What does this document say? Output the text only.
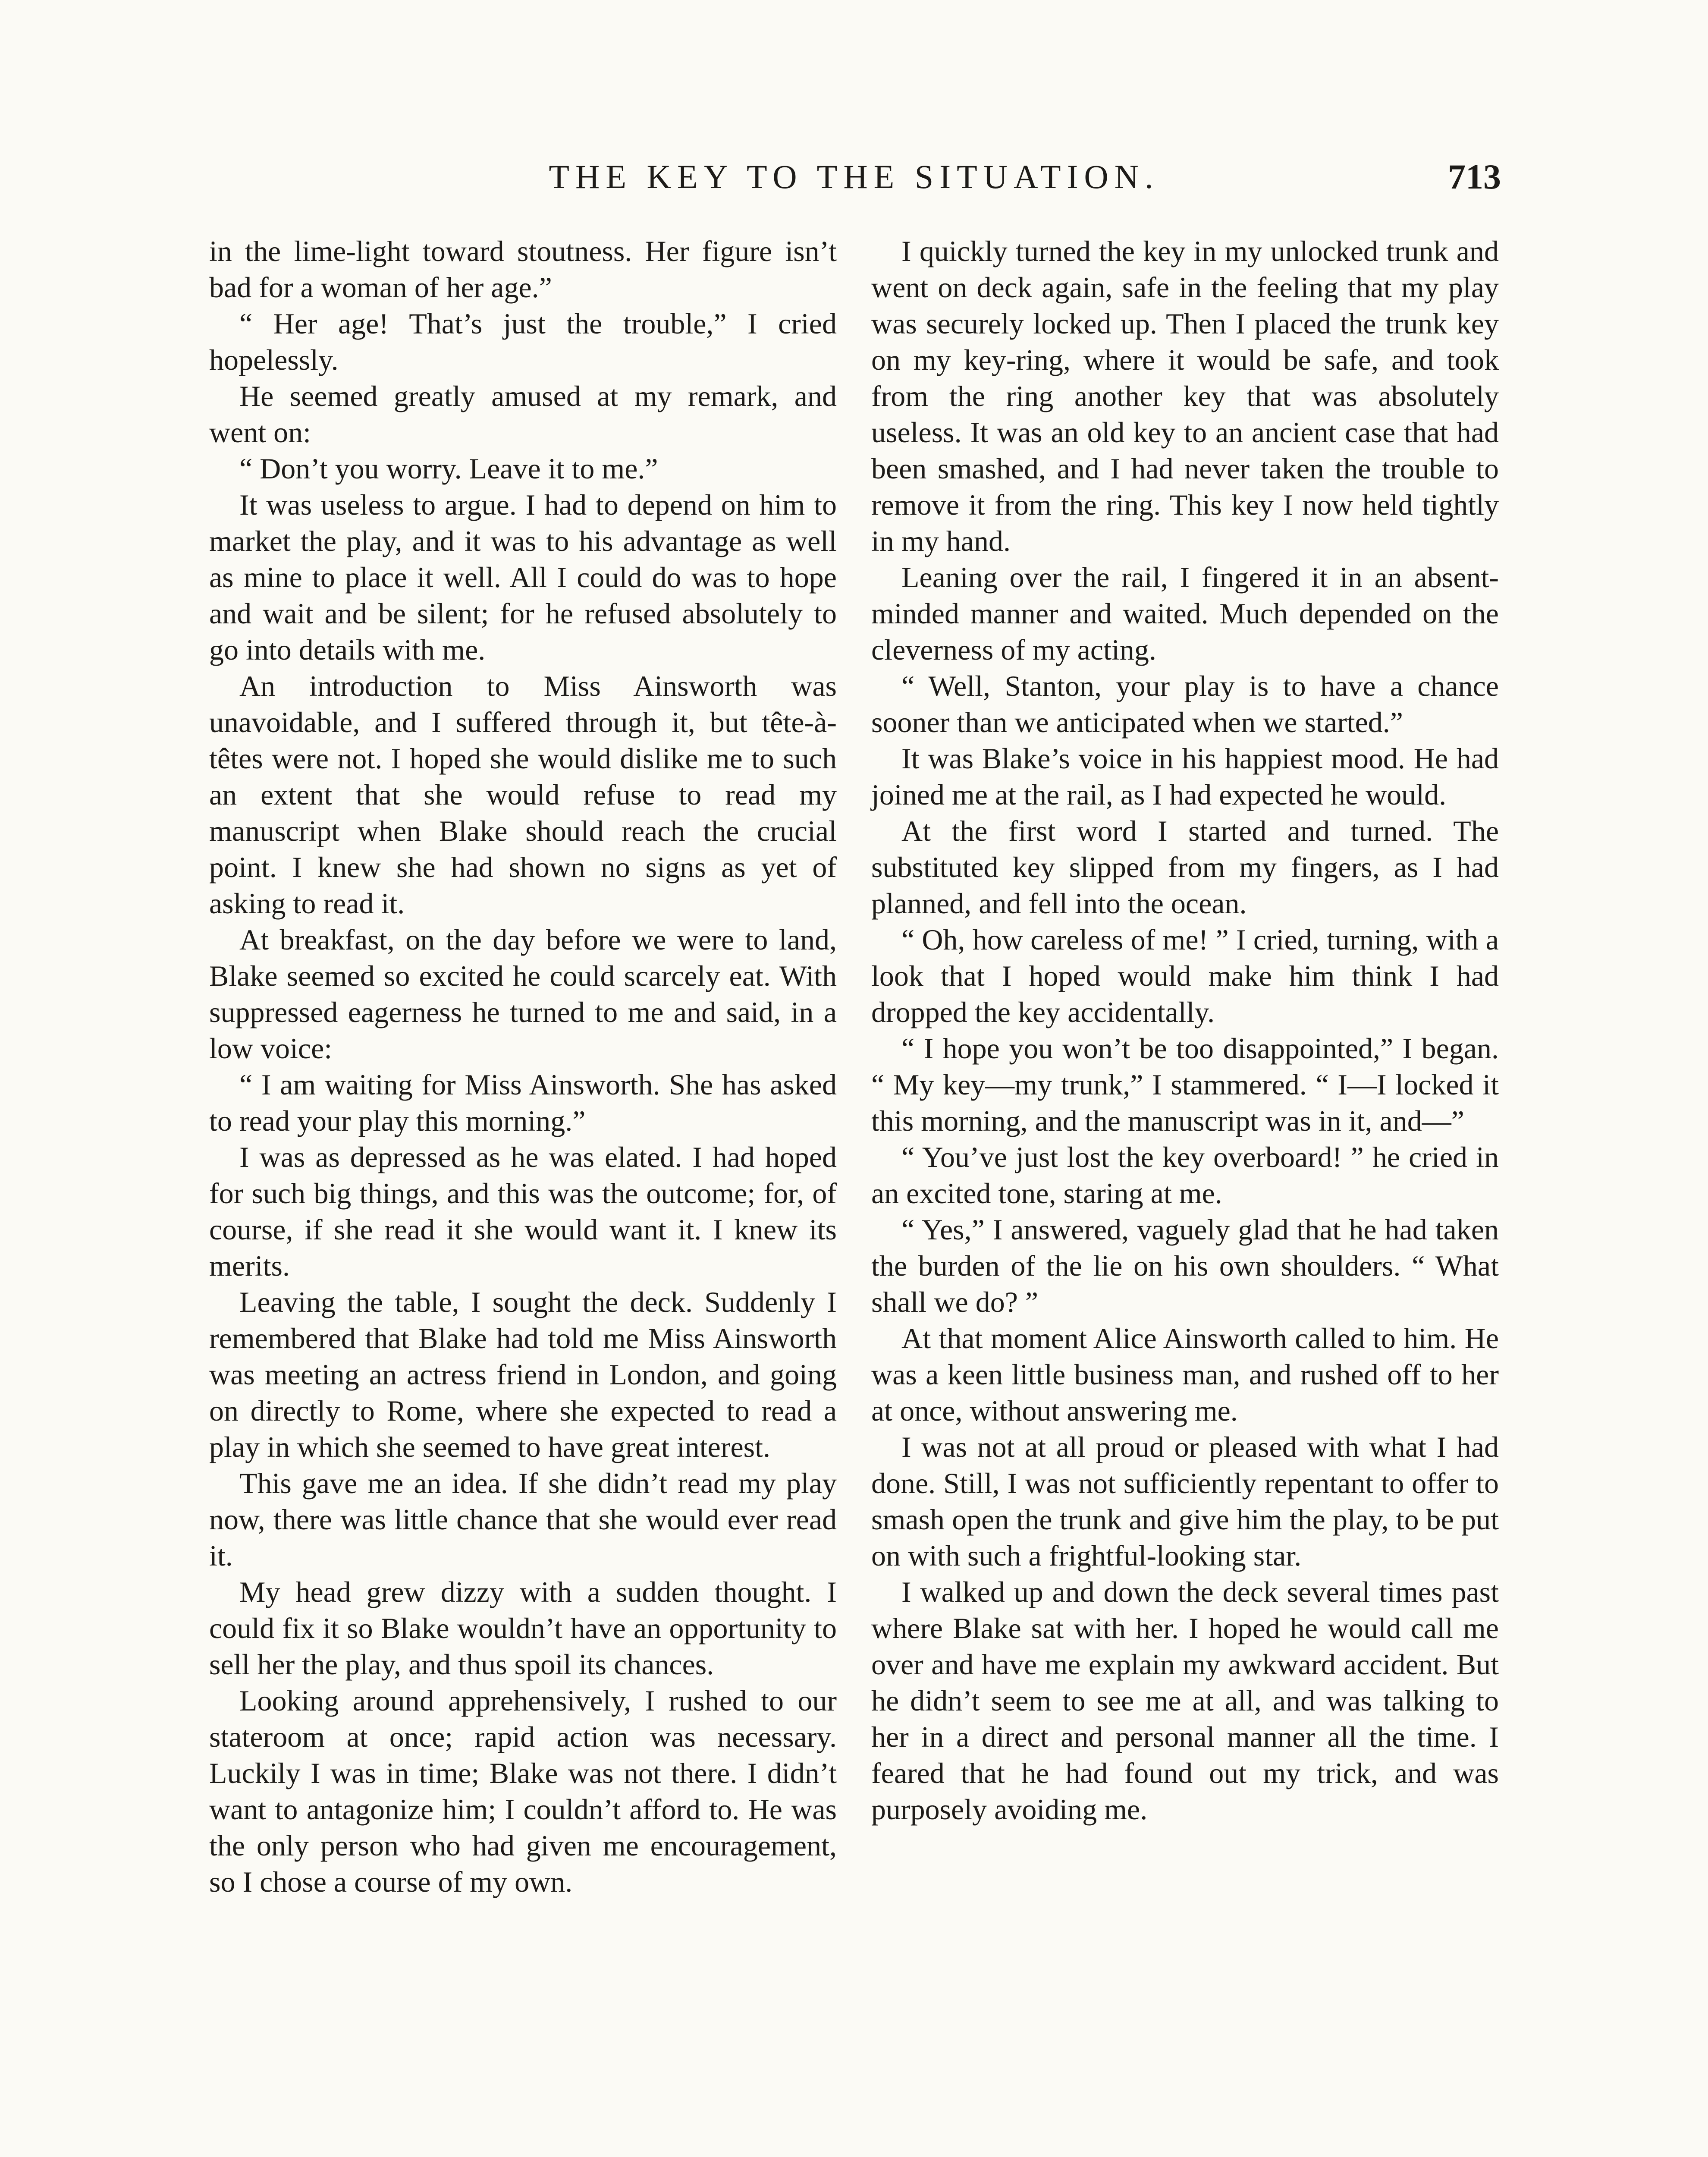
THE KEY TO THE SITUATION.	713

in the lime-light toward stoutness. Her figure isn’t bad for a woman of her age.”

“ Her age! That’s just the trouble,” I cried hopelessly.

He seemed greatly amused at my remark, and went on:

“ Don’t you worry. Leave it to me.”

It was useless to argue. I had to depend on him to market the play, and it was to his advantage as well as mine to place it well. All I could do was to hope and wait and be silent; for he refused absolutely to go into details with me.

An introduction to Miss Ainsworth was unavoidable, and I suffered through it, but tête-à-têtes were not. I hoped she would dislike me to such an extent that she would refuse to read my manuscript when Blake should reach the crucial point. I knew she had shown no signs as yet of asking to read it.

At breakfast, on the day before we were to land, Blake seemed so excited he could scarcely eat. With suppressed eagerness he turned to me and said, in a low voice:

“ I am waiting for Miss Ainsworth. She has asked to read your play this morning.”

I was as depressed as he was elated. I had hoped for such big things, and this was the outcome; for, of course, if she read it she would want it. I knew its merits.

Leaving the table, I sought the deck. Suddenly I remembered that Blake had told me Miss Ainsworth was meeting an actress friend in London, and going on directly to Rome, where she expected to read a play in which she seemed to have great interest.

This gave me an idea. If she didn’t read my play now, there was little chance that she would ever read it.

My head grew dizzy with a sudden thought. I could fix it so Blake wouldn’t have an opportunity to sell her the play, and thus spoil its chances.

Looking around apprehensively, I rushed to our stateroom at once; rapid action was necessary. Luckily I was in time; Blake was not there. I didn’t want to antagonize him; I couldn’t afford to. He was the only person who had given me encouragement, so I chose a course of my own.

I quickly turned the key in my unlocked trunk and went on deck again, safe in the feeling that my play was securely locked up. Then I placed the trunk key on my key-ring, where it would be safe, and took from the ring another key that was absolutely useless. It was an old key to an ancient case that had been smashed, and I had never taken the trouble to remove it from the ring. This key I now held tightly in my hand.

Leaning over the rail, I fingered it in an absent-minded manner and waited. Much depended on the cleverness of my acting.

“ Well, Stanton, your play is to have a chance sooner than we anticipated when we started.”

It was Blake’s voice in his happiest mood. He had joined me at the rail, as I had expected he would.

At the first word I started and turned. The substituted key slipped from my fingers, as I had planned, and fell into the ocean.

“ Oh, how careless of me! ” I cried, turning, with a look that I hoped would make him think I had dropped the key accidentally.

“ I hope you won’t be too disappointed,” I began. “ My key—my trunk,” I stammered. “ I—I locked it this morning, and the manuscript was in it, and—”

“ You’ve just lost the key overboard! ” he cried in an excited tone, staring at me.

“ Yes,” I answered, vaguely glad that he had taken the burden of the lie on his own shoulders. “ What shall we do? ”

At that moment Alice Ainsworth called to him. He was a keen little business man, and rushed off to her at once, without answering me.

I was not at all proud or pleased with what I had done. Still, I was not sufficiently repentant to offer to smash open the trunk and give him the play, to be put on with such a frightful-looking star.

I walked up and down the deck several times past where Blake sat with her. I hoped he would call me over and have me explain my awkward accident. But he didn’t seem to see me at all, and was talking to her in a direct and personal manner all the time. I feared that he had found out my trick, and was purposely avoiding me.
